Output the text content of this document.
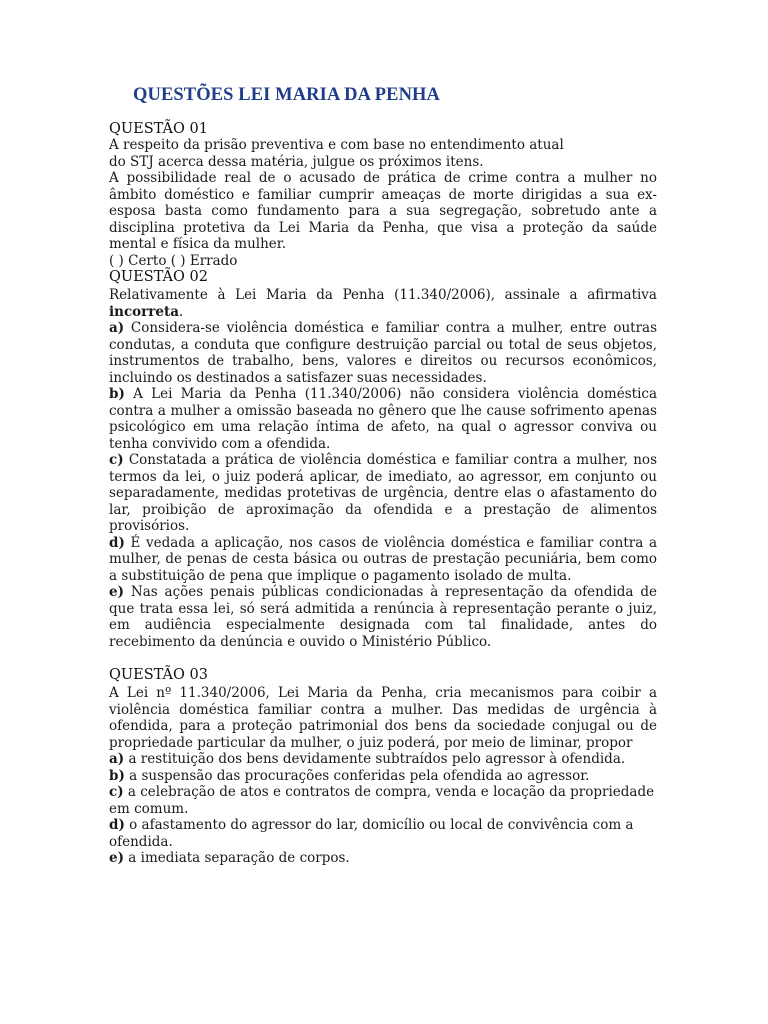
QUESTÕES LEI MARIA DA PENHA
QUESTÃO 01

A respeito da prisão preventiva e com base no entendimento atual

do STJ acerca dessa matéria, julgue os próximos itens.

A possibilidade real de o acusado de prática de crime contra a mulher no âmbito doméstico e familiar cumprir ameaças de morte dirigidas a sua ex-esposa basta como fundamento para a sua segregação, sobretudo ante a disciplina protetiva da Lei Maria da Penha, que visa a proteção da saúde mental e física da mulher.

( ) Certo ( ) Errado

QUESTÃO 02

Relativamente à Lei Maria da Penha (11.340/2006), assinale a afirmativa incorreta.

a) Considera-se violência doméstica e familiar contra a mulher, entre outras condutas, a conduta que configure destruição parcial ou total de seus objetos, instrumentos de trabalho, bens, valores e direitos ou recursos econômicos, incluindo os destinados a satisfazer suas necessidades.

b) A Lei Maria da Penha (11.340/2006) não considera violência doméstica contra a mulher a omissão baseada no gênero que lhe cause sofrimento apenas psicológico em uma relação íntima de afeto, na qual o agressor conviva ou tenha convivido com a ofendida.

c) Constatada a prática de violência doméstica e familiar contra a mulher, nos termos da lei, o juiz poderá aplicar, de imediato, ao agressor, em conjunto ou separadamente, medidas protetivas de urgência, dentre elas o afastamento do lar, proibição de aproximação da ofendida e a prestação de alimentos provisórios.

d) É vedada a aplicação, nos casos de violência doméstica e familiar contra a mulher, de penas de cesta básica ou outras de prestação pecuniária, bem como a substituição de pena que implique o pagamento isolado de multa.

e) Nas ações penais públicas condicionadas à representação da ofendida de que trata essa lei, só será admitida a renúncia à representação perante o juiz, em audiência especialmente designada com tal finalidade, antes do recebimento da denúncia e ouvido o Ministério Público.

QUESTÃO 03

A Lei nº 11.340/2006, Lei Maria da Penha, cria mecanismos para coibir a violência doméstica familiar contra a mulher. Das medidas de urgência à ofendida, para a proteção patrimonial dos bens da sociedade conjugal ou de propriedade particular da mulher, o juiz poderá, por meio de liminar, propor

a) a restituição dos bens devidamente subtraídos pelo agressor à ofendida.

b) a suspensão das procurações conferidas pela ofendida ao agressor.

c) a celebração de atos e contratos de compra, venda e locação da propriedade em comum.

d) o afastamento do agressor do lar, domicílio ou local de convivência com a ofendida.

e) a imediata separação de corpos.
